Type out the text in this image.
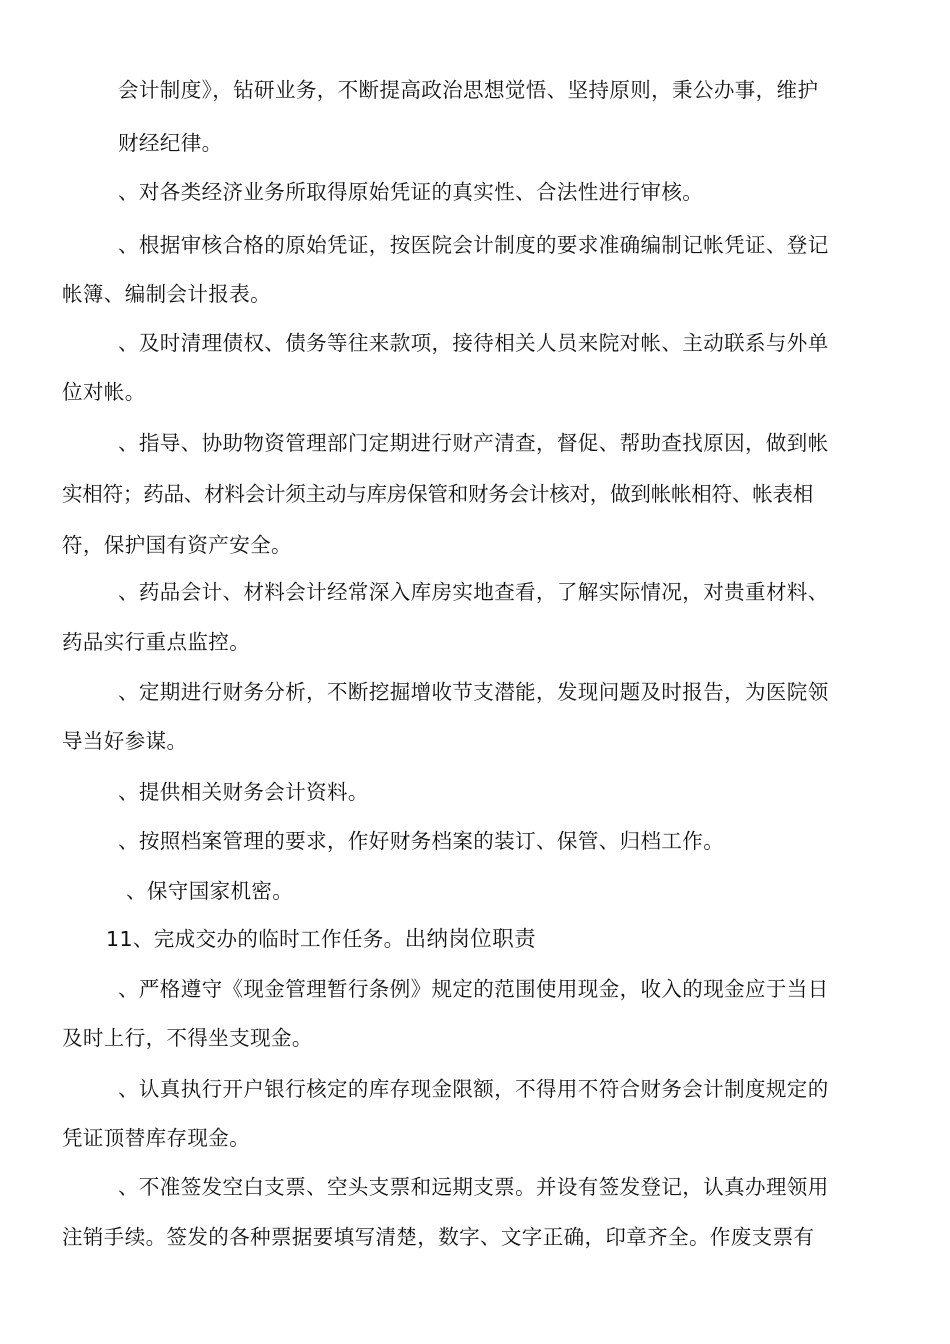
会计制度》，钻研业务，不断提高政治思想觉悟、坚持原则，秉公办事，维护
财经纪律。
、对各类经济业务所取得原始凭证的真实性、合法性进行审核。
、根据审核合格的原始凭证，按医院会计制度的要求准确编制记帐凭证、登记
帐簿、编制会计报表。
、及时清理债权、债务等往来款项，接待相关人员来院对帐、主动联系与外单
位对帐。
、指导、协助物资管理部门定期进行财产清查，督促、帮助查找原因，做到帐
实相符；药品、材料会计须主动与库房保管和财务会计核对，做到帐帐相符、帐表相
符，保护国有资产安全。
、药品会计、材料会计经常深入库房实地查看，了解实际情况，对贵重材料、
药品实行重点监控。
、定期进行财务分析，不断挖掘增收节支潜能，发现问题及时报告，为医院领
导当好参谋。
、提供相关财务会计资料。
、按照档案管理的要求，作好财务档案的装订、保管、归档工作。
、保守国家机密。
11、完成交办的临时工作任务。出纳岗位职责
、严格遵守《现金管理暂行条例》规定的范围使用现金，收入的现金应于当日
及时上行，不得坐支现金。
、认真执行开户银行核定的库存现金限额，不得用不符合财务会计制度规定的
凭证顶替库存现金。
、不准签发空白支票、空头支票和远期支票。并设有签发登记，认真办理领用
注销手续。签发的各种票据要填写清楚，数字、文字正确，印章齐全。作废支票有
